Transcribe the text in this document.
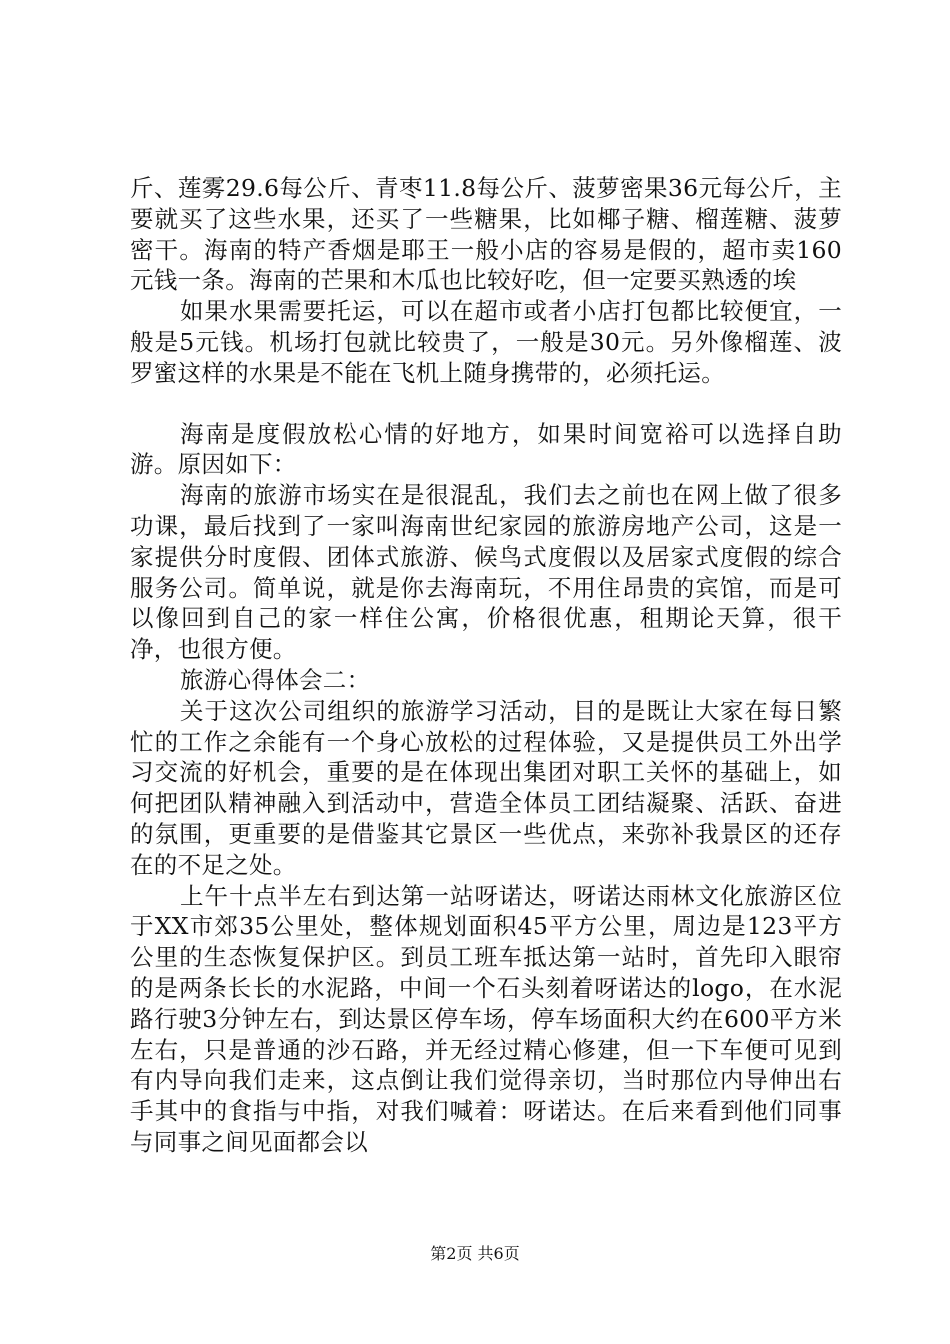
斤、莲雾29.6每公斤、青枣11.8每公斤、菠萝密果36元每公斤，主要就买了这些水果，还买了一些糖果，比如椰子糖、榴莲糖、菠萝密干。海南的特产香烟是耶王一般小店的容易是假的，超市卖160元钱一条。海南的芒果和木瓜也比较好吃，但一定要买熟透的埃

如果水果需要托运，可以在超市或者小店打包都比较便宜，一般是5元钱。机场打包就比较贵了，一般是30元。另外像榴莲、波罗蜜这样的水果是不能在飞机上随身携带的，必须托运。

海南是度假放松心情的好地方，如果时间宽裕可以选择自助游。原因如下：

海南的旅游市场实在是很混乱，我们去之前也在网上做了很多功课，最后找到了一家叫海南世纪家园的旅游房地产公司，这是一家提供分时度假、团体式旅游、候鸟式度假以及居家式度假的综合服务公司。简单说，就是你去海南玩，不用住昂贵的宾馆，而是可以像回到自己的家一样住公寓，价格很优惠，租期论天算，很干净，也很方便。

旅游心得体会二：

关于这次公司组织的旅游学习活动，目的是既让大家在每日繁忙的工作之余能有一个身心放松的过程体验，又是提供员工外出学习交流的好机会，重要的是在体现出集团对职工关怀的基础上，如何把团队精神融入到活动中，营造全体员工团结凝聚、活跃、奋进的氛围，更重要的是借鉴其它景区一些优点，来弥补我景区的还存在的不足之处。

上午十点半左右到达第一站呀诺达，呀诺达雨林文化旅游区位于XX市郊35公里处，整体规划面积45平方公里，周边是123平方公里的生态恢复保护区。到员工班车抵达第一站时，首先印入眼帘的是两条长长的水泥路，中间一个石头刻着呀诺达的logo，在水泥路行驶3分钟左右，到达景区停车场，停车场面积大约在600平方米左右，只是普通的沙石路，并无经过精心修建，但一下车便可见到有内导向我们走来，这点倒让我们觉得亲切，当时那位内导伸出右手其中的食指与中指，对我们喊着：呀诺达。在后来看到他们同事与同事之间见面都会以

第2页 共6页
